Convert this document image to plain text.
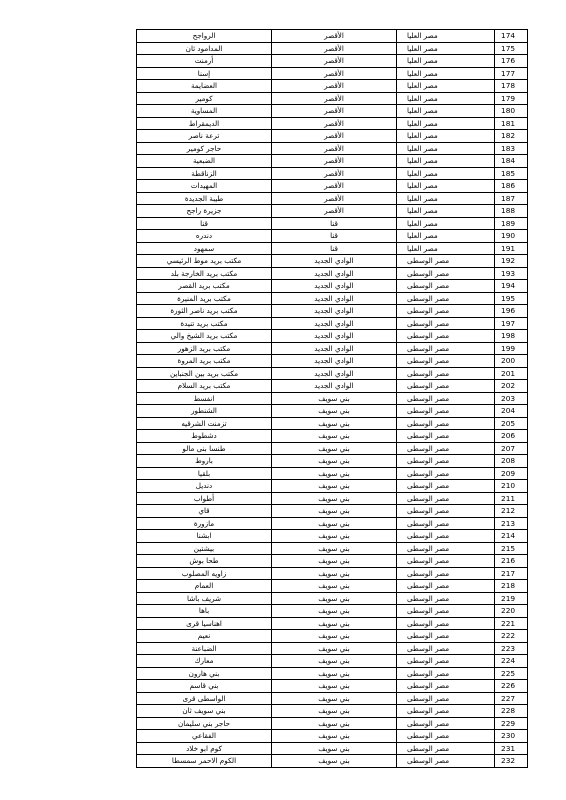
الرواجح	الأقصر	مصر العليا	174
المدامود ثان	الأقصر	مصر العليا	175
أرمنت	الأقصر	مصر العليا	176
إسنا	الأقصر	مصر العليا	177
العضايمة	الأقصر	مصر العليا	178
كومير	الأقصر	مصر العليا	179
المساوية	الأقصر	مصر العليا	180
الديمقراط	الأقصر	مصر العليا	181
ترعة ناصر	الأقصر	مصر العليا	182
حاجر كومير	الأقصر	مصر العليا	183
الضبعية	الأقصر	مصر العليا	184
الزناقطة	الأقصر	مصر العليا	185
المهيدات	الأقصر	مصر العليا	186
طيبة الجديدة	الأقصر	مصر العليا	187
جزيرة راجح	الأقصر	مصر العليا	188
قنا	قنا	مصر العليا	189
دندره	قنا	مصر العليا	190
سمهود	قنا	مصر العليا	191
مكتب بريد موط الرئيسي	الوادي الجديد	مصر الوسطى	192
مكتب بريد الخارجة بلد	الوادي الجديد	مصر الوسطى	193
مكتب بريد القصر	الوادي الجديد	مصر الوسطى	194
مكتب بريد المنيرة	الوادي الجديد	مصر الوسطى	195
مكتب بريد ناصر الثورة	الوادي الجديد	مصر الوسطى	196
مكتب بريد تنيدة	الوادي الجديد	مصر الوسطى	197
مكتب بريد الشيخ والي	الوادي الجديد	مصر الوسطى	198
مكتب بريد الزهور	الوادي الجديد	مصر الوسطى	199
مكتب بريد المروة	الوادي الجديد	مصر الوسطى	200
مكتب بريد بين الجنباين	الوادي الجديد	مصر الوسطى	201
مكتب بريد السلام	الوادي الجديد	مصر الوسطى	202
انفسط	بني سويف	مصر الوسطى	203
الشنطور	بني سويف	مصر الوسطى	204
تزمنت الشرقيه	بني سويف	مصر الوسطى	205
دشطوط	بني سويف	مصر الوسطى	206
طنسا بنى مالو	بني سويف	مصر الوسطى	207
باروط	بني سويف	مصر الوسطى	208
بلقيا	بني سويف	مصر الوسطى	209
دنديل	بني سويف	مصر الوسطى	210
أطواب	بني سويف	مصر الوسطى	211
قاي	بني سويف	مصر الوسطى	212
مازورة	بني سويف	مصر الوسطى	213
ابشنا	بني سويف	مصر الوسطى	214
بيشتين	بني سويف	مصر الوسطى	215
طحا بوش	بني سويف	مصر الوسطى	216
زاويه المصلوب	بني سويف	مصر الوسطى	217
العمام	بني سويف	مصر الوسطى	218
شريف باشا	بني سويف	مصر الوسطى	219
باها	بني سويف	مصر الوسطى	220
اهناسيا قرى	بني سويف	مصر الوسطى	221
نعيم	بني سويف	مصر الوسطى	222
الضباعنة	بني سويف	مصر الوسطى	223
معارك	بني سويف	مصر الوسطى	224
بني هارون	بني سويف	مصر الوسطى	225
بني قاسم	بني سويف	مصر الوسطى	226
الواسطى قرى	بني سويف	مصر الوسطى	227
بني سويف ثان	بني سويف	مصر الوسطى	228
حاجر بني سليمان	بني سويف	مصر الوسطى	229
الفقاعي	بني سويف	مصر الوسطى	230
كوم ابو خلاد	بني سويف	مصر الوسطى	231
الكوم الاحمر سمسطا	بني سويف	مصر الوسطى	232
